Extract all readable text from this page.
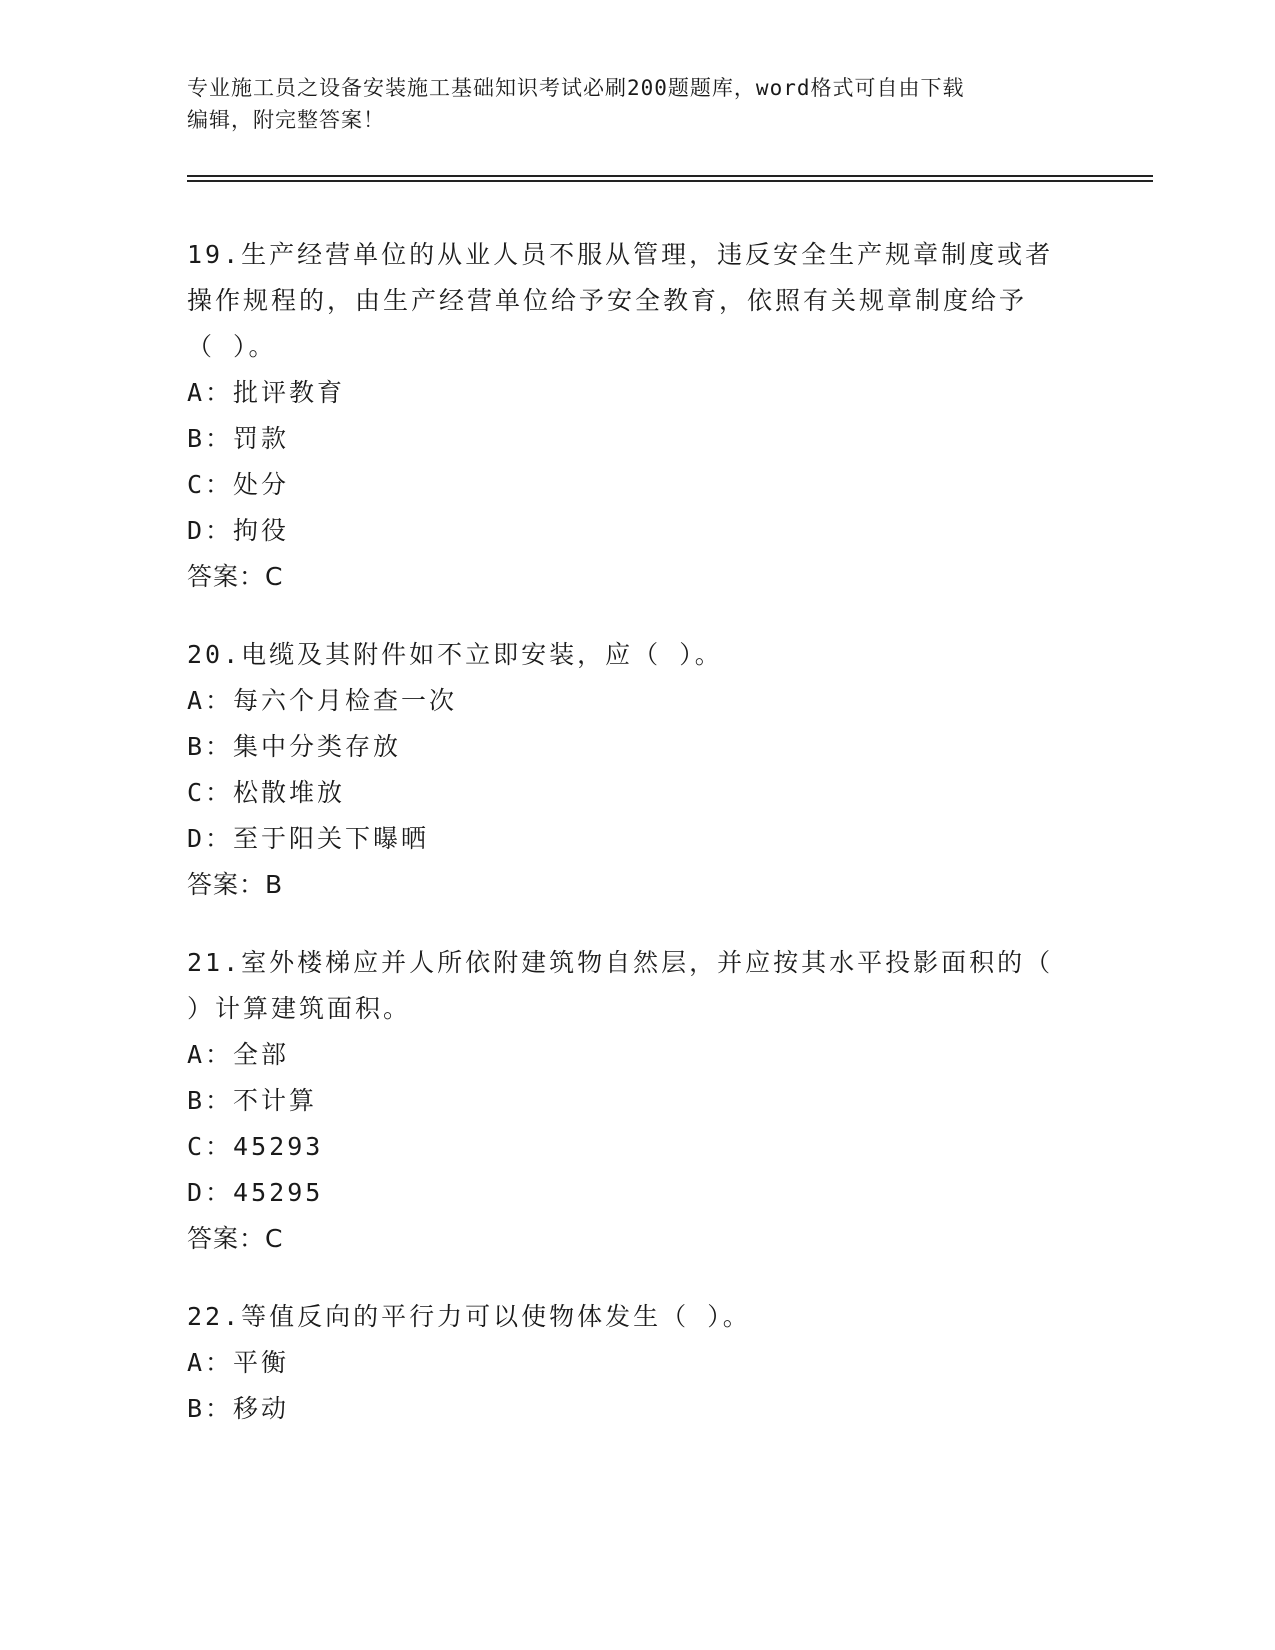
专业施工员之设备安装施工基础知识考试必刷200题题库，word格式可自由下载
编辑，附完整答案！
19.生产经营单位的从业人员不服从管理，违反安全生产规章制度或者
操作规程的，由生产经营单位给予安全教育，依照有关规章制度给予
（ ）。
A：批评教育
B：罚款
C：处分
D：拘役
答案：C
20.电缆及其附件如不立即安装，应（ ）。
A：每六个月检查一次
B：集中分类存放
C：松散堆放
D：至于阳关下曝晒
答案：B
21.室外楼梯应并人所依附建筑物自然层，并应按其水平投影面积的（
）计算建筑面积。
A：全部
B：不计算
C：45293
D：45295
答案：C
22.等值反向的平行力可以使物体发生（ ）。
A：平衡
B：移动
